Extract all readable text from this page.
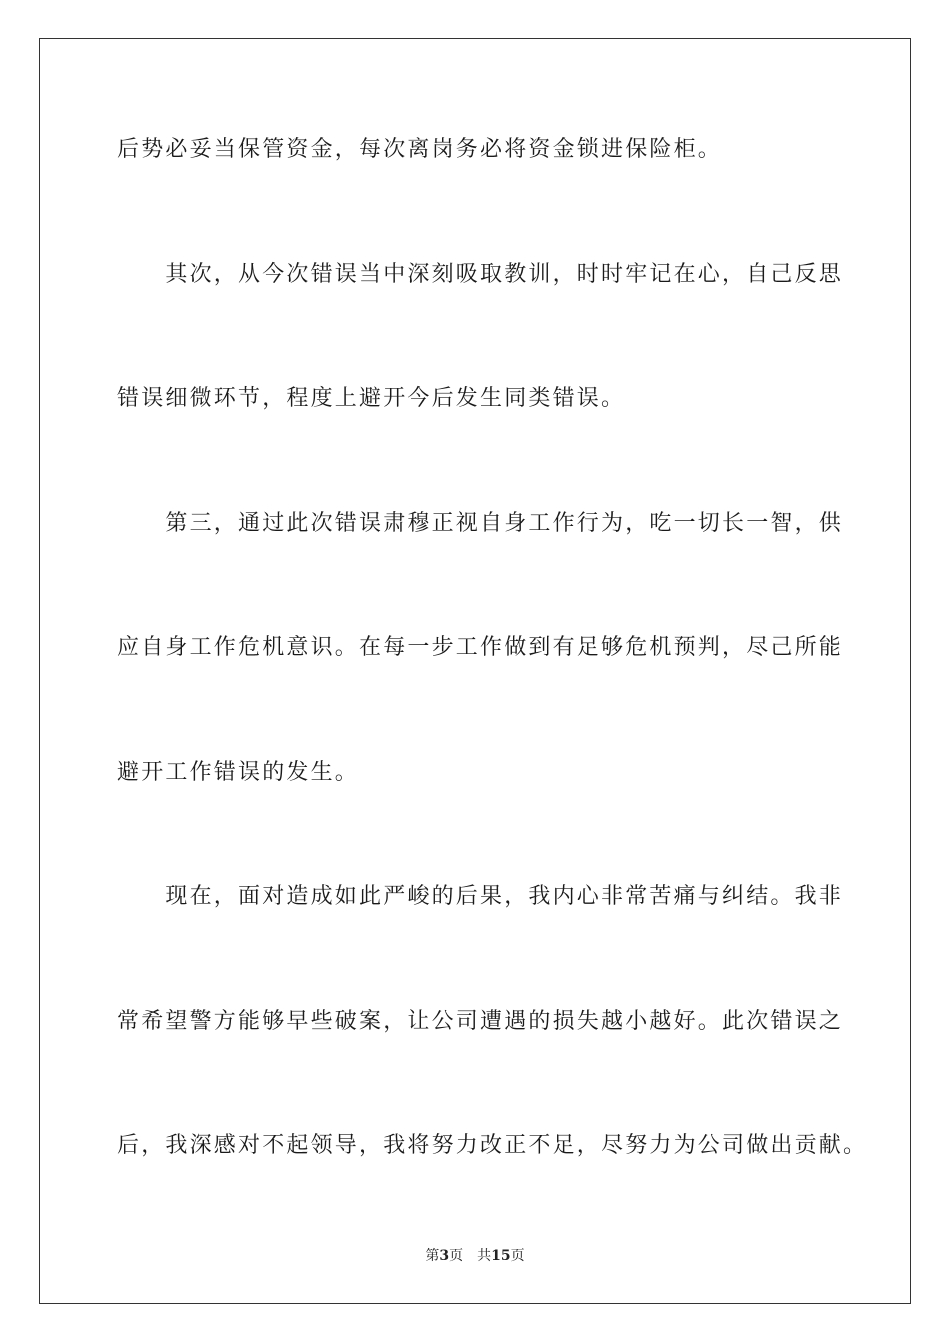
后势必妥当保管资金，每次离岗务必将资金锁进保险柜。
　　其次，从今次错误当中深刻吸取教训，时时牢记在心，自己反思
错误细微环节，程度上避开今后发生同类错误。
　　第三，通过此次错误肃穆正视自身工作行为，吃一切长一智，供
应自身工作危机意识。在每一步工作做到有足够危机预判，尽己所能
避开工作错误的发生。
　　现在，面对造成如此严峻的后果，我内心非常苦痛与纠结。我非
常希望警方能够早些破案，让公司遭遇的损失越小越好。此次错误之
后，我深感对不起领导，我将努力改正不足，尽努力为公司做出贡献。
第3页 共15页
